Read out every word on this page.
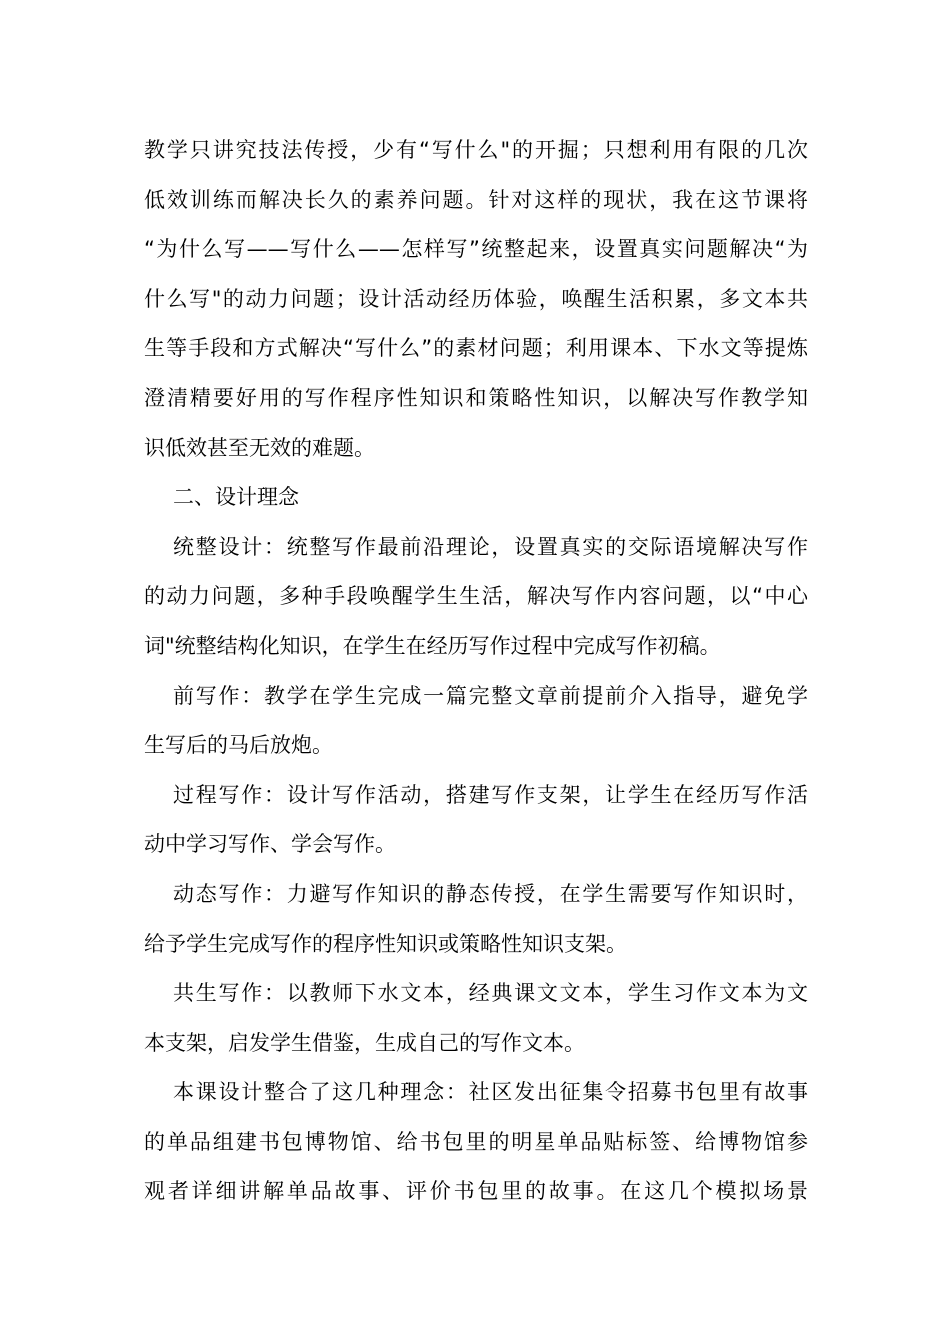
教学只讲究技法传授，少有“写什么"的开掘；只想利用有限的几次
低效训练而解决长久的素养问题。针对这样的现状，我在这节课将
“为什么写——写什么——怎样写”统整起来，设置真实问题解决“为
什么写"的动力问题；设计活动经历体验，唤醒生活积累，多文本共
生等手段和方式解决“写什么”的素材问题；利用课本、下水文等提炼
澄清精要好用的写作程序性知识和策略性知识，以解决写作教学知
识低效甚至无效的难题。
二、设计理念
统整设计：统整写作最前沿理论，设置真实的交际语境解决写作
的动力问题，多种手段唤醒学生生活，解决写作内容问题，以“中心
词"统整结构化知识，在学生在经历写作过程中完成写作初稿。
前写作：教学在学生完成一篇完整文章前提前介入指导，避免学
生写后的马后放炮。
过程写作：设计写作活动，搭建写作支架，让学生在经历写作活
动中学习写作、学会写作。
动态写作：力避写作知识的静态传授，在学生需要写作知识时，
给予学生完成写作的程序性知识或策略性知识支架。
共生写作：以教师下水文本，经典课文文本，学生习作文本为文
本支架，启发学生借鉴，生成自己的写作文本。
本课设计整合了这几种理念：社区发出征集令招募书包里有故事
的单品组建书包博物馆、给书包里的明星单品贴标签、给博物馆参
观者详细讲解单品故事、评价书包里的故事。在这几个模拟场景
